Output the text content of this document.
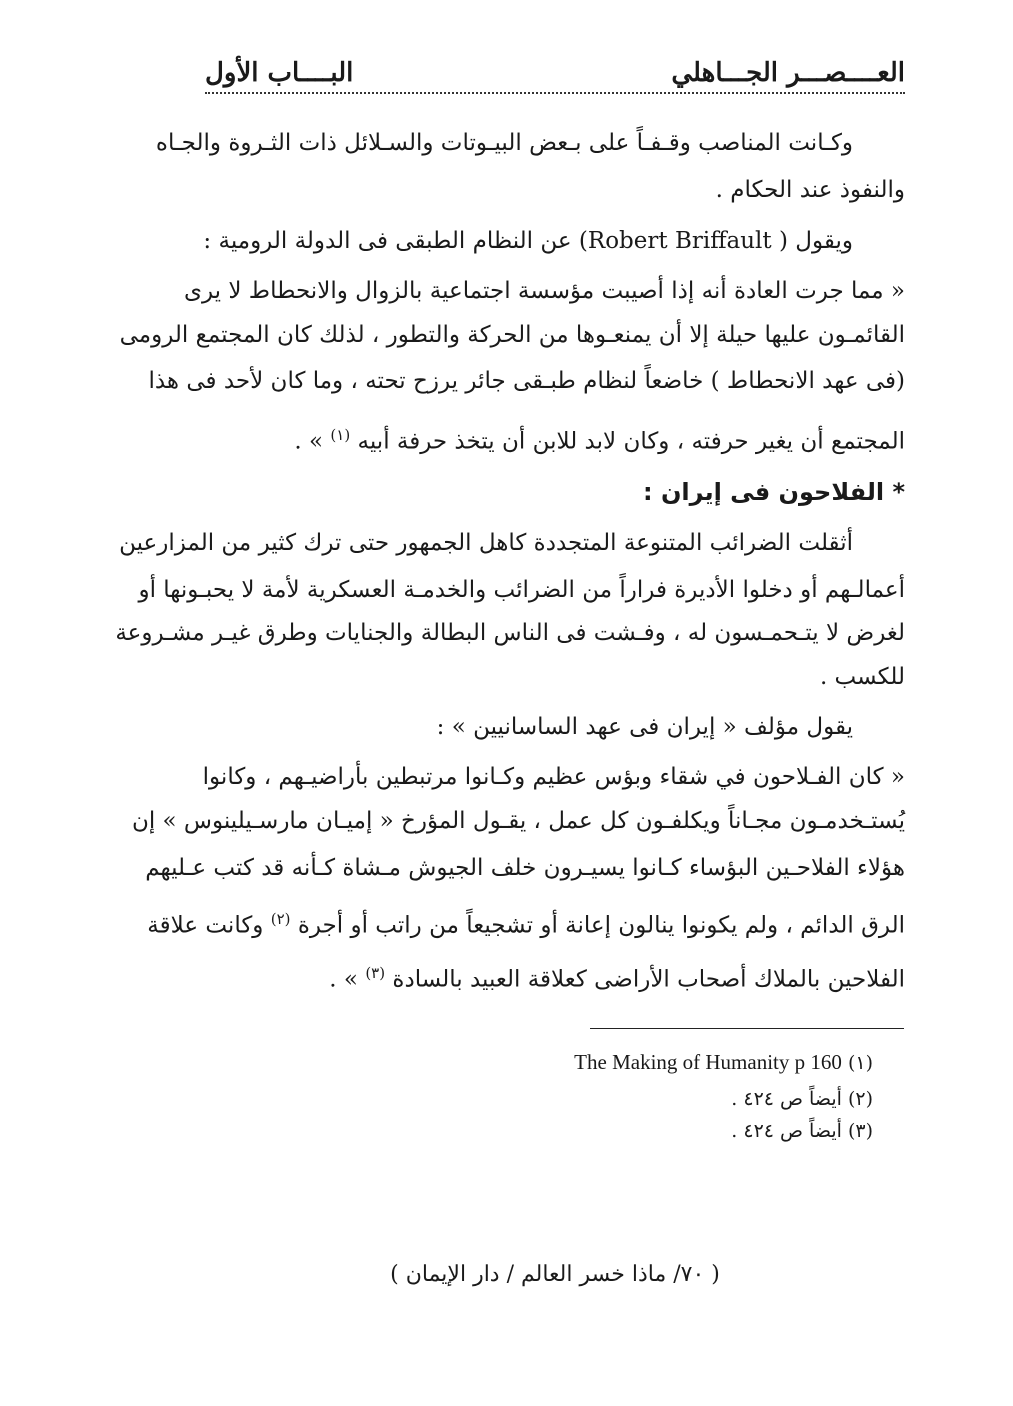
العــــصـــر الجـــاهلي
البــــاب الأول
وكـانت المناصب وقـفـاً على بـعض البيـوتات والسـلائل ذات الثـروة والجـاه
والنفوذ عند الحكام .
ويقول ( Robert Briffault) عن النظام الطبقى فى الدولة الرومية :
« مما جرت العادة أنه إذا أصيبت مؤسسة اجتماعية بالزوال والانحطاط لا يرى
القائمـون عليها حيلة إلا أن يمنعـوها من الحركة والتطور ، لذلك كان المجتمع الرومى
(فى عهد الانحطاط ) خاضعاً لنظام طبـقى جائر يرزح تحته ، وما كان لأحد فى هذا
المجتمع أن يغير حرفته ، وكان لابد للابن أن يتخذ حرفة أبيه $^{(١)}$ » .
* الفلاحون فى إيران :
أثقلت الضرائب المتنوعة المتجددة كاهل الجمهور حتى ترك كثير من المزارعين
أعمالـهم أو دخلوا الأديرة فراراً من الضرائب والخدمـة العسكرية لأمة لا يحبـونها أو
لغرض لا يتـحمـسون له ، وفـشت فى الناس البطالة والجنايات وطرق غيـر مشـروعة
للكسب .
يقول مؤلف « إيران فى عهد الساسانيين » :
« كان الفـلاحون في شقاء وبؤس عظيم وكـانوا مرتبطين بأراضيـهم ، وكانوا
يُستـخدمـون مجـاناً ويكلفـون كل عمل ، يقـول المؤرخ « إميـان مارسـيلينوس » إن
هؤلاء الفلاحـين البؤساء كـانوا يسيـرون خلف الجيوش مـشاة كـأنه قد كتب عـليهم
الرق الدائم ، ولم يكونوا ينالون إعانة أو تشجيعاً من راتب أو أجرة $^{(٢)}$ وكانت علاقة
الفلاحين بالملاك أصحاب الأراضى كعلاقة العبيد بالسادة $^{(٣)}$ » .
(١) The Making of Humanity p 160
(٢) أيضاً ص ٤٢٤ .
(٣) أيضاً ص ٤٢٤ .
( ٧٠/ ماذا خسر العالم / دار الإيمان )
